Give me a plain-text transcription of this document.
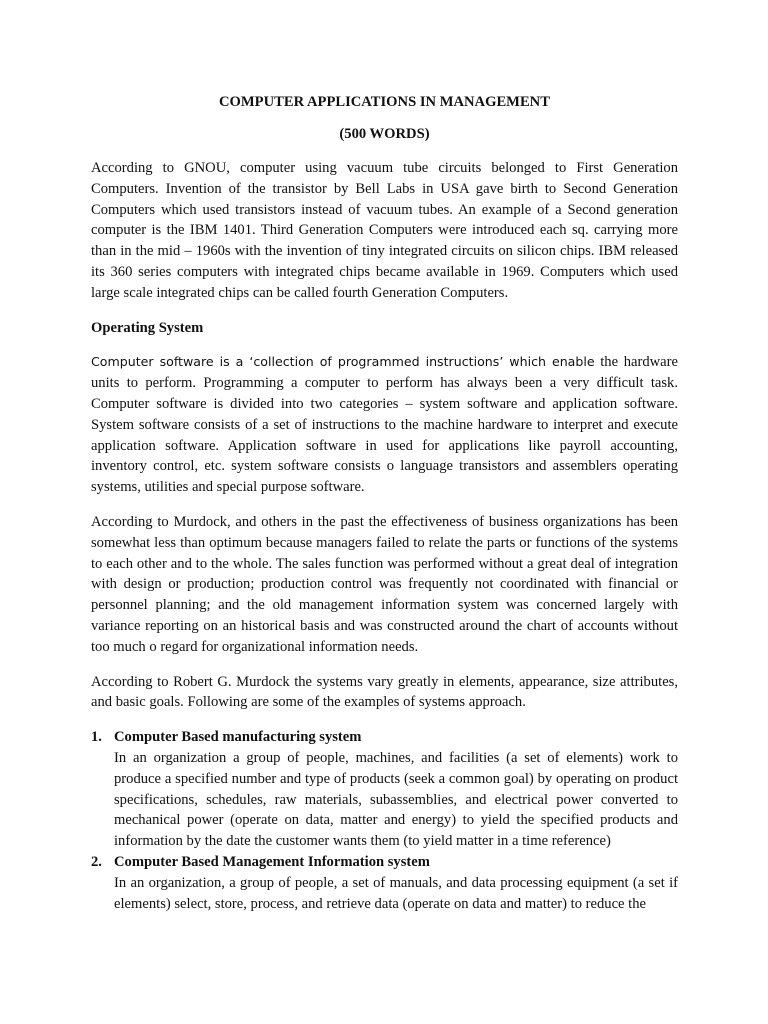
COMPUTER APPLICATIONS IN MANAGEMENT

(500 WORDS)

According to GNOU, computer using vacuum tube circuits belonged to First Generation Computers. Invention of the transistor by Bell Labs in USA gave birth to Second Generation Computers which used transistors instead of vacuum tubes. An example of a Second generation computer is the IBM 1401. Third Generation Computers were introduced each sq. carrying more than in the mid – 1960s with the invention of tiny integrated circuits on silicon chips. IBM released its 360 series computers with integrated chips became available in 1969. Computers which used large scale integrated chips can be called fourth Generation Computers.

Operating System

Computer software is a ‘collection of programmed instructions’ which enable the hardware units to perform. Programming a computer to perform has always been a very difficult task. Computer software is divided into two categories – system software and application software. System software consists of a set of instructions to the machine hardware to interpret and execute application software. Application software in used for applications like payroll accounting, inventory control, etc. system software consists o language transistors and assemblers operating systems, utilities and special purpose software.

According to Murdock, and others in the past the effectiveness of business organizations has been somewhat less than optimum because managers failed to relate the parts or functions of the systems to each other and to the whole. The sales function was performed without a great deal of integration with design or production; production control was frequently not coordinated with financial or personnel planning; and the old management information system was concerned largely with variance reporting on an historical basis and was constructed around the chart of accounts without too much o regard for organizational information needs.

According to Robert G. Murdock the systems vary greatly in elements, appearance, size attributes, and basic goals. Following are some of the examples of systems approach.

1. Computer Based manufacturing system
In an organization a group of people, machines, and facilities (a set of elements) work to produce a specified number and type of products (seek a common goal) by operating on product specifications, schedules, raw materials, subassemblies, and electrical power converted to mechanical power (operate on data, matter and energy) to yield the specified products and information by the date the customer wants them (to yield matter in a time reference)
2. Computer Based Management Information system
In an organization, a group of people, a set of manuals, and data processing equipment (a set if elements) select, store, process, and retrieve data (operate on data and matter) to reduce the
